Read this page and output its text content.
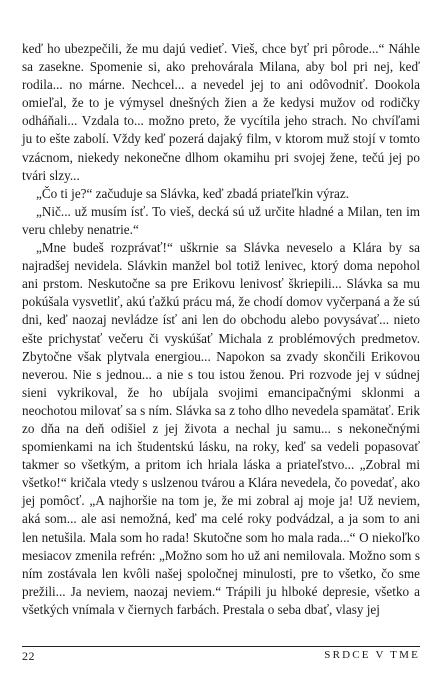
keď ho ubezpečili, že mu dajú vedieť. Vieš, chce byť pri pôrode...“ Náhle sa zasekne. Spomenie si, ako prehovárala Milana, aby bol pri nej, keď rodila... no márne. Nechcel... a nevedel jej to ani odôvodniť. Dookola omieľal, že to je výmysel dnešných žien a že kedysi mužov od rodičky odháňali... Vzdala to... možno preto, že vycítila jeho strach. No chvíľami ju to ešte zabolí. Vždy keď pozerá dajaký film, v ktorom muž stojí v tomto vzácnom, niekedy nekonečne dlhom okamihu pri svojej žene, tečú jej po tvári slzy...

„Čo ti je?“ začuduje sa Slávka, keď zbadá priateľkin výraz.

„Nič... už musím ísť. To vieš, decká sú už určite hladné a Milan, ten im veru chleby nenatrie.“

„Mne budeš rozprávať!“ uškrnie sa Slávka neveselo a Klára by sa najradšej nevidela. Slávkin manžel bol totiž lenivec, ktorý doma nepohol ani prstom. Neskutočne sa pre Erikovu lenivosť škriepili... Slávka sa mu pokúšala vysvetliť, akú ťažkú prácu má, že chodí domov vyčerpaná a že sú dni, keď naozaj nevládze ísť ani len do obchodu alebo povysávať... nieto ešte prichystať večeru či vyskúšať Michala z problémových predmetov. Zbytočne však plytvala energiou... Napokon sa zvady skončili Erikovou neverou. Nie s jednou... a nie s tou istou ženou. Pri rozvode jej v súdnej sieni vykrikoval, že ho ubíjala svojimi emancipačnými sklonmi a neochotou milovať sa s ním. Slávka sa z toho dlho nevedela spamätať. Erik zo dňa na deň odišiel z jej života a nechal ju samu... s nekonečnými spomienkami na ich študentskú lásku, na roky, keď sa vedeli popasovať takmer so všetkým, a pritom ich hriala láska a priateľstvo... „Zobral mi všetko!“ kričala vtedy s uslzenou tvárou a Klára nevedela, čo povedať, ako jej pomôcť. „A najhoršie na tom je, že mi zobral aj moje ja! Už neviem, aká som... ale asi nemožná, keď ma celé roky podvádzal, a ja som to ani len netušila. Mala som ho rada! Skutočne som ho mala rada...“ O niekoľko mesiacov zmenila refrén: „Možno som ho už ani nemilovala. Možno som s ním zostávala len kvôli našej spoločnej minulosti, pre to všetko, čo sme prežili... Ja neviem, naozaj neviem.“ Trápili ju hlboké depresie, všetko a všetkých vnímala v čiernych farbách. Prestala o seba dbať, vlasy jej

22	SRDCE V TME
